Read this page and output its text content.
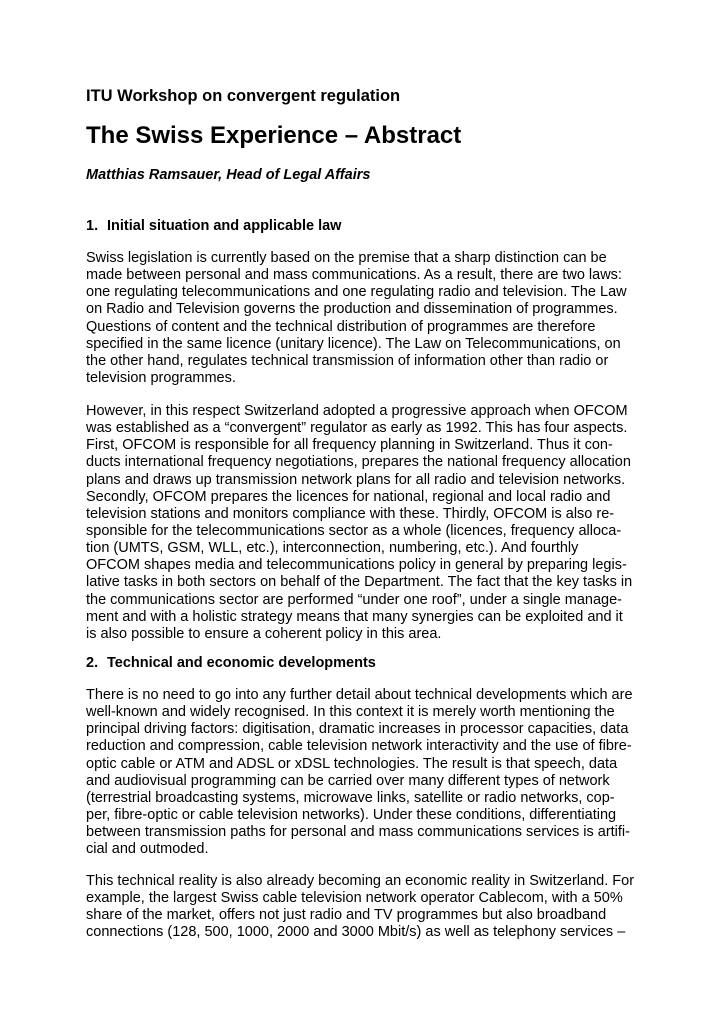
ITU Workshop on convergent regulation
The Swiss Experience – Abstract
Matthias Ramsauer, Head of Legal Affairs
1. Initial situation and applicable law
Swiss legislation is currently based on the premise that a sharp distinction can be
made between personal and mass communications. As a result, there are two laws:
one regulating telecommunications and one regulating radio and television. The Law
on Radio and Television governs the production and dissemination of programmes.
Questions of content and the technical distribution of programmes are therefore
specified in the same licence (unitary licence). The Law on Telecommunications, on
the other hand, regulates technical transmission of information other than radio or
television programmes.
However, in this respect Switzerland adopted a progressive approach when OFCOM
was established as a “convergent” regulator as early as 1992. This has four aspects.
First, OFCOM is responsible for all frequency planning in Switzerland. Thus it con-
ducts international frequency negotiations, prepares the national frequency allocation
plans and draws up transmission network plans for all radio and television networks.
Secondly, OFCOM prepares the licences for national, regional and local radio and
television stations and monitors compliance with these. Thirdly, OFCOM is also re-
sponsible for the telecommunications sector as a whole (licences, frequency alloca-
tion (UMTS, GSM, WLL, etc.), interconnection, numbering, etc.). And fourthly
OFCOM shapes media and telecommunications policy in general by preparing legis-
lative tasks in both sectors on behalf of the Department. The fact that the key tasks in
the communications sector are performed “under one roof”, under a single manage-
ment and with a holistic strategy means that many synergies can be exploited and it
is also possible to ensure a coherent policy in this area.
2. Technical and economic developments
There is no need to go into any further detail about technical developments which are
well-known and widely recognised. In this context it is merely worth mentioning the
principal driving factors: digitisation, dramatic increases in processor capacities, data
reduction and compression, cable television network interactivity and the use of fibre-
optic cable or ATM and ADSL or xDSL technologies. The result is that speech, data
and audiovisual programming can be carried over many different types of network
(terrestrial broadcasting systems, microwave links, satellite or radio networks, cop-
per, fibre-optic or cable television networks). Under these conditions, differentiating
between transmission paths for personal and mass communications services is artifi-
cial and outmoded.
This technical reality is also already becoming an economic reality in Switzerland. For
example, the largest Swiss cable television network operator Cablecom, with a 50%
share of the market, offers not just radio and TV programmes but also broadband
connections (128, 500, 1000, 2000 and 3000 Mbit/s) as well as telephony services –
